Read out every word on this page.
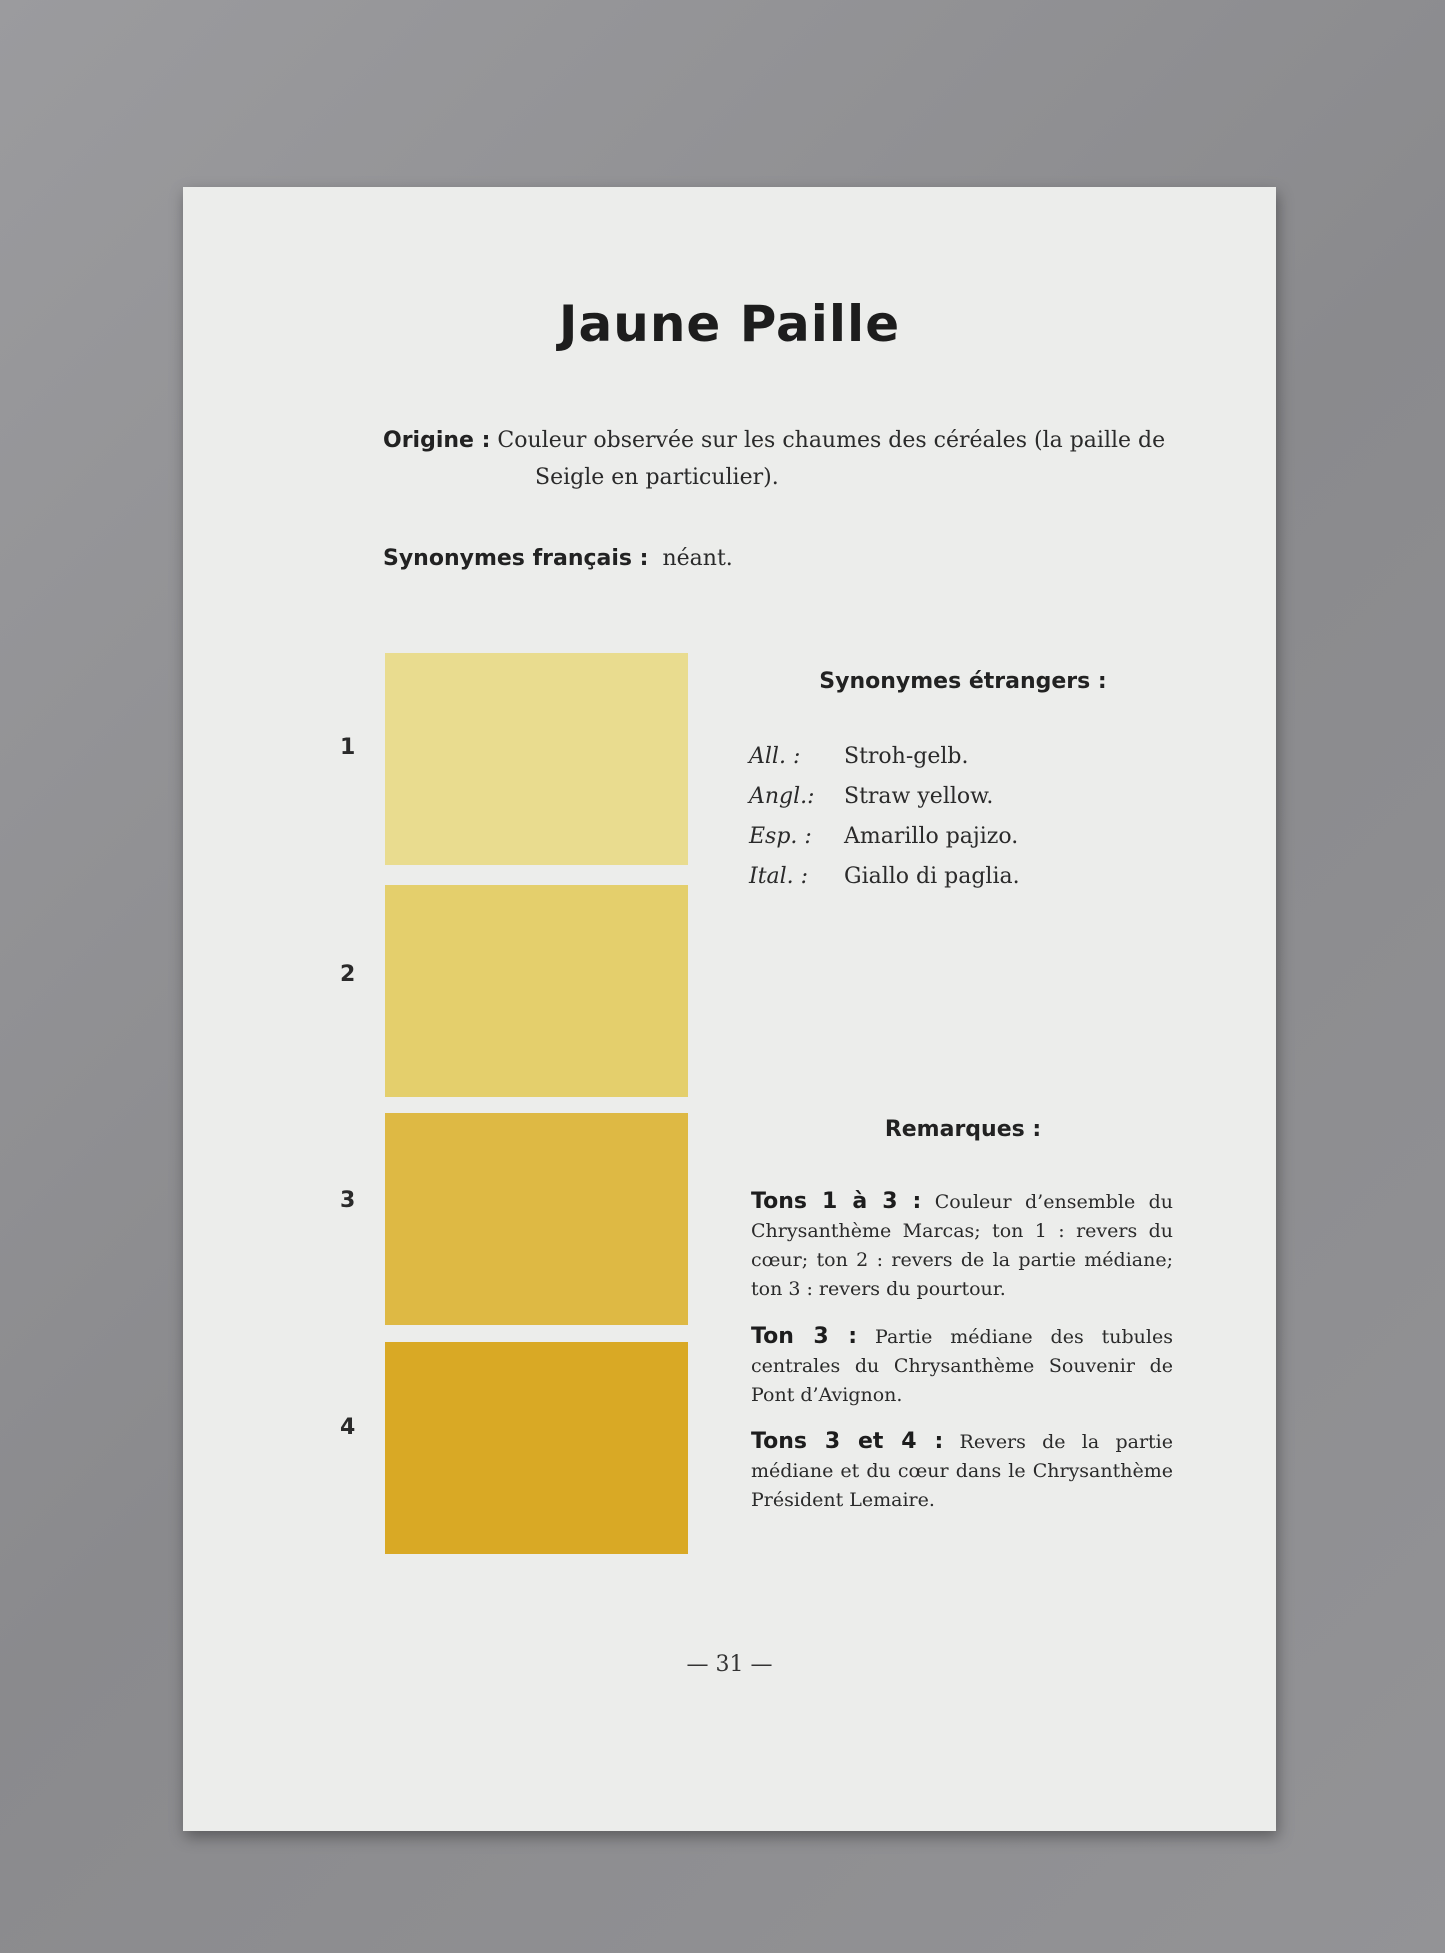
Jaune Paille
Origine : Couleur observée sur les chaumes des céréales (la paille de
Seigle en particulier).
Synonymes français : néant.
1
2
3
4
Synonymes étrangers :
All. : Stroh-gelb.
Angl.: Straw yellow.
Esp. : Amarillo pajizo.
Ital. : Giallo di paglia.
Remarques :
Tons 1 à 3 : Couleur d’ensemble du Chrysanthème Marcas; ton 1 : revers du cœur; ton 2 : revers de la partie médiane; ton 3 : revers du pourtour.
Ton 3 : Partie médiane des tubules centrales du Chrysanthème Souvenir de Pont d’Avignon.
Tons 3 et 4 : Revers de la partie médiane et du cœur dans le Chrysanthème Président Lemaire.
— 31 —
